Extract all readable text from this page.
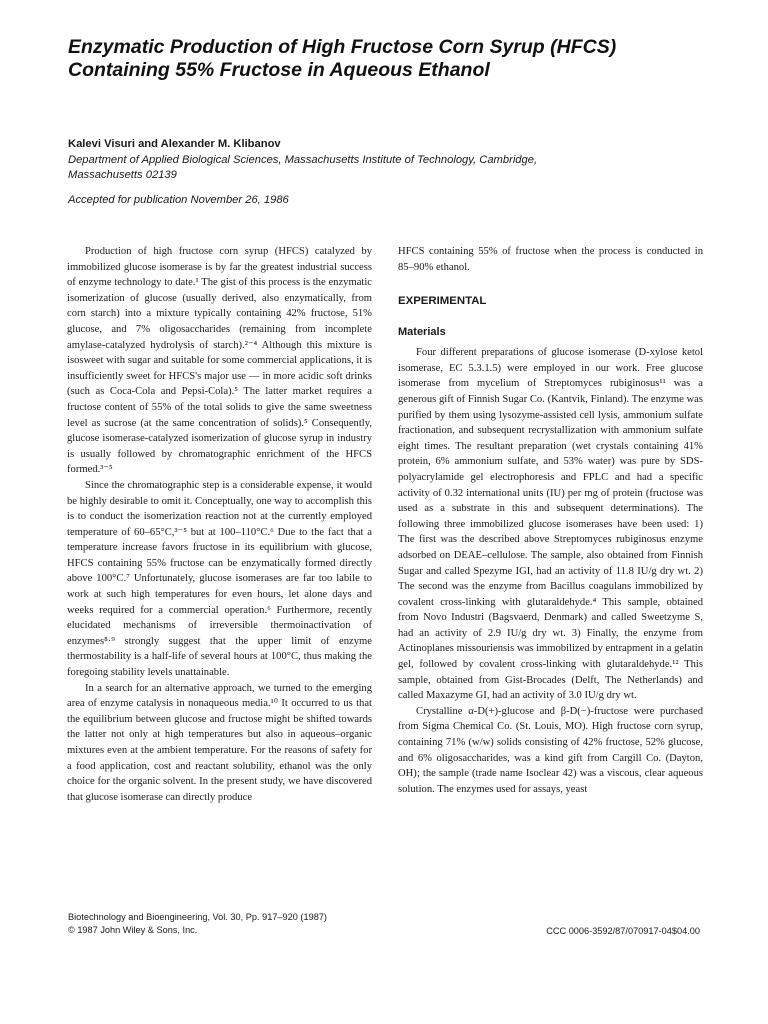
Enzymatic Production of High Fructose Corn Syrup (HFCS) Containing 55% Fructose in Aqueous Ethanol

Kalevi Visuri and Alexander M. Klibanov

Department of Applied Biological Sciences, Massachusetts Institute of Technology, Cambridge, Massachusetts 02139

Accepted for publication November 26, 1986

Production of high fructose corn syrup (HFCS) catalyzed by immobilized glucose isomerase is by far the greatest industrial success of enzyme technology to date.¹ The gist of this process is the enzymatic isomerization of glucose (usually derived, also enzymatically, from corn starch) into a mixture typically containing 42% fructose, 51% glucose, and 7% oligosaccharides (remaining from incomplete amylase-catalyzed hydrolysis of starch).²⁻⁴ Although this mixture is isosweet with sugar and suitable for some commercial applications, it is insufficiently sweet for HFCS's major use — in more acidic soft drinks (such as Coca-Cola and Pepsi-Cola).⁵ The latter market requires a fructose content of 55% of the total solids to give the same sweetness level as sucrose (at the same concentration of solids).⁵ Consequently, glucose isomerase-catalyzed isomerization of glucose syrup in industry is usually followed by chromatographic enrichment of the HFCS formed.³⁻⁵

Since the chromatographic step is a considerable expense, it would be highly desirable to omit it. Conceptually, one way to accomplish this is to conduct the isomerization reaction not at the currently employed temperature of 60–65°C,³⁻⁵ but at 100–110°C.⁶ Due to the fact that a temperature increase favors fructose in its equilibrium with glucose, HFCS containing 55% fructose can be enzymatically formed directly above 100°C.⁷ Unfortunately, glucose isomerases are far too labile to work at such high temperatures for even hours, let alone days and weeks required for a commercial operation.⁶ Furthermore, recently elucidated mechanisms of irreversible thermoinactivation of enzymes⁸·⁹ strongly suggest that the upper limit of enzyme thermostability is a half-life of several hours at 100°C, thus making the foregoing stability levels unattainable.

In a search for an alternative approach, we turned to the emerging area of enzyme catalysis in nonaqueous media.¹⁰ It occurred to us that the equilibrium between glucose and fructose might be shifted towards the latter not only at high temperatures but also in aqueous–organic mixtures even at the ambient temperature. For the reasons of safety for a food application, cost and reactant solubility, ethanol was the only choice for the organic solvent. In the present study, we have discovered that glucose isomerase can directly produce

HFCS containing 55% of fructose when the process is conducted in 85–90% ethanol.

EXPERIMENTAL
Materials

Four different preparations of glucose isomerase (D-xylose ketol isomerase, EC 5.3.1.5) were employed in our work. Free glucose isomerase from mycelium of Streptomyces rubiginosus¹¹ was a generous gift of Finnish Sugar Co. (Kantvik, Finland). The enzyme was purified by them using lysozyme-assisted cell lysis, ammonium sulfate fractionation, and subsequent recrystallization with ammonium sulfate eight times. The resultant preparation (wet crystals containing 41% protein, 6% ammonium sulfate, and 53% water) was pure by SDS-polyacrylamide gel electrophoresis and FPLC and had a specific activity of 0.32 international units (IU) per mg of protein (fructose was used as a substrate in this and subsequent determinations). The following three immobilized glucose isomerases have been used: 1) The first was the described above Streptomyces rubiginosus enzyme adsorbed on DEAE–cellulose. The sample, also obtained from Finnish Sugar and called Spezyme IGI, had an activity of 11.8 IU/g dry wt. 2) The second was the enzyme from Bacillus coagulans immobilized by covalent cross-linking with glutaraldehyde.⁴ This sample, obtained from Novo Industri (Bagsvaerd, Denmark) and called Sweetzyme S, had an activity of 2.9 IU/g dry wt. 3) Finally, the enzyme from Actinoplanes missouriensis was immobilized by entrapment in a gelatin gel, followed by covalent cross-linking with glutaraldehyde.¹² This sample, obtained from Gist-Brocades (Delft, The Netherlands) and called Maxazyme GI, had an activity of 3.0 IU/g dry wt.

Crystalline α-D(+)-glucose and β-D(−)-fructose were purchased from Sigma Chemical Co. (St. Louis, MO). High fructose corn syrup, containing 71% (w/w) solids consisting of 42% fructose, 52% glucose, and 6% oligosaccharides, was a kind gift from Cargill Co. (Dayton, OH); the sample (trade name Isoclear 42) was a viscous, clear aqueous solution. The enzymes used for assays, yeast

Biotechnology and Bioengineering, Vol. 30, Pp. 917–920 (1987)
© 1987 John Wiley & Sons, Inc.	CCC 0006-3592/87/070917-04$04.00
